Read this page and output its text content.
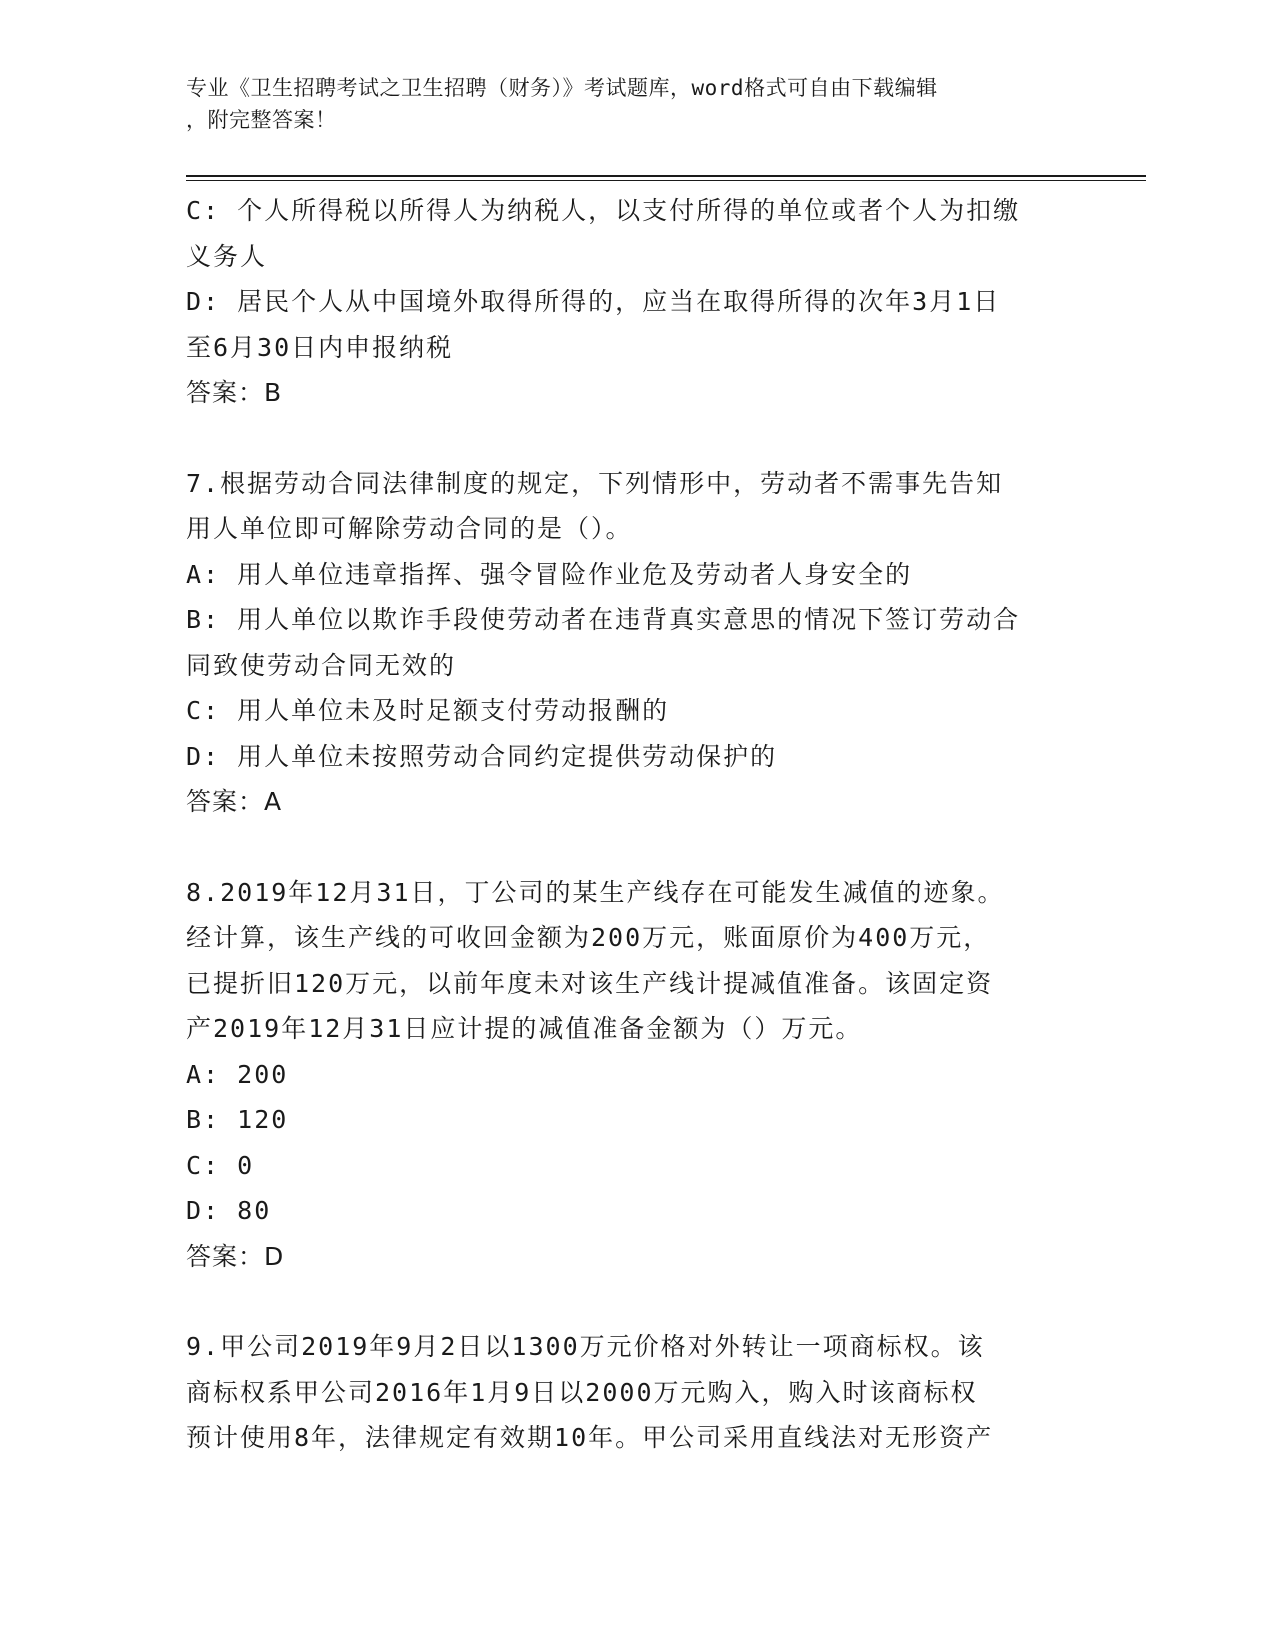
专业《卫生招聘考试之卫生招聘（财务）》考试题库，word格式可自由下载编辑
，附完整答案！
C: 个人所得税以所得人为纳税人，以支付所得的单位或者个人为扣缴
义务人
D: 居民个人从中国境外取得所得的，应当在取得所得的次年3月1日
至6月30日内申报纳税
答案：B
7.根据劳动合同法律制度的规定，下列情形中，劳动者不需事先告知
用人单位即可解除劳动合同的是（）。
A: 用人单位违章指挥、强令冒险作业危及劳动者人身安全的
B: 用人单位以欺诈手段使劳动者在违背真实意思的情况下签订劳动合
同致使劳动合同无效的
C: 用人单位未及时足额支付劳动报酬的
D: 用人单位未按照劳动合同约定提供劳动保护的
答案：A
8.2019年12月31日，丁公司的某生产线存在可能发生减值的迹象。
经计算，该生产线的可收回金额为200万元，账面原价为400万元，
已提折旧120万元，以前年度未对该生产线计提减值准备。该固定资
产2019年12月31日应计提的减值准备金额为（）万元。
A: 200
B: 120
C: 0
D: 80
答案：D
9.甲公司2019年9月2日以1300万元价格对外转让一项商标权。该
商标权系甲公司2016年1月9日以2000万元购入，购入时该商标权
预计使用8年，法律规定有效期10年。甲公司采用直线法对无形资产
